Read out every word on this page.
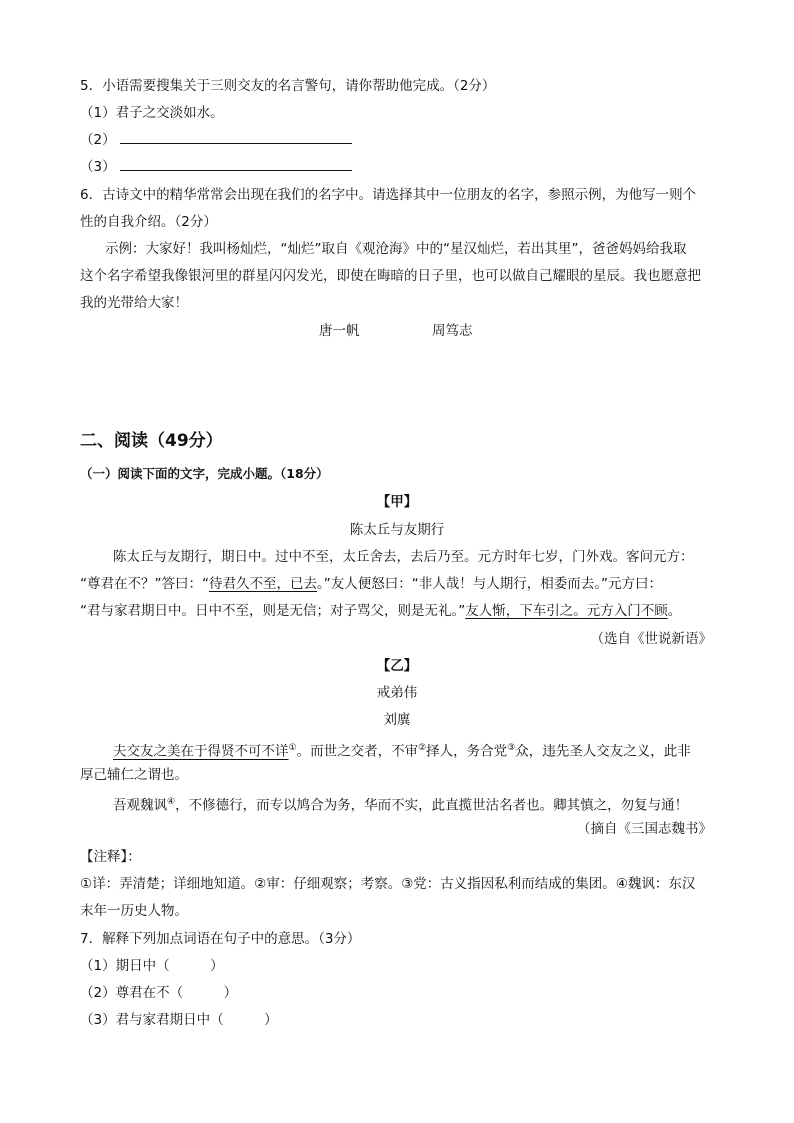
5．小语需要搜集关于三则交友的名言警句，请你帮助他完成。（2分）
（1）君子之交淡如水。
（2）
（3）
6．古诗文中的精华常常会出现在我们的名字中。请选择其中一位朋友的名字，参照示例，为他写一则个
性的自我介绍。（2分）
示例：大家好！我叫杨灿烂，“灿烂”取自《观沧海》中的“星汉灿烂，若出其里”，爸爸妈妈给我取
这个名字希望我像银河里的群星闪闪发光，即使在晦暗的日子里，也可以做自己耀眼的星辰。我也愿意把
我的光带给大家！
唐一帆	周笃志
二、阅读（49分）
（一）阅读下面的文字，完成小题。（18分）
【甲】
陈太丘与友期行
陈太丘与友期行，期日中。过中不至，太丘舍去，去后乃至。元方时年七岁，门外戏。客问元方：
“尊君在不？”答曰：“待君久不至，已去。”友人便怒曰：“非人哉！与人期行，相委而去。”元方曰：
“君与家君期日中。日中不至，则是无信；对子骂父，则是无礼。”友人惭，下车引之。元方入门不顾。
（选自《世说新语》
【乙】
戒弟伟
刘廙
夫交友之美在于得贤不可不详①。而世之交者，不审②择人，务合党③众，违先圣人交友之义，此非
厚己辅仁之谓也。
吾观魏讽④，不修德行，而专以鸠合为务，华而不实，此直揽世沽名者也。卿其慎之，勿复与通！
（摘自《三国志魏书》
【注释】：
①详：弄清楚；详细地知道。②审：仔细观察；考察。③党：古义指因私利而结成的集团。④魏讽：东汉
末年一历史人物。
7．解释下列加点词语在句子中的意思。（3分）
（1）期日中（　　　）
（2）尊君在不（　　　）
（3）君与家君期日中（　　　）
